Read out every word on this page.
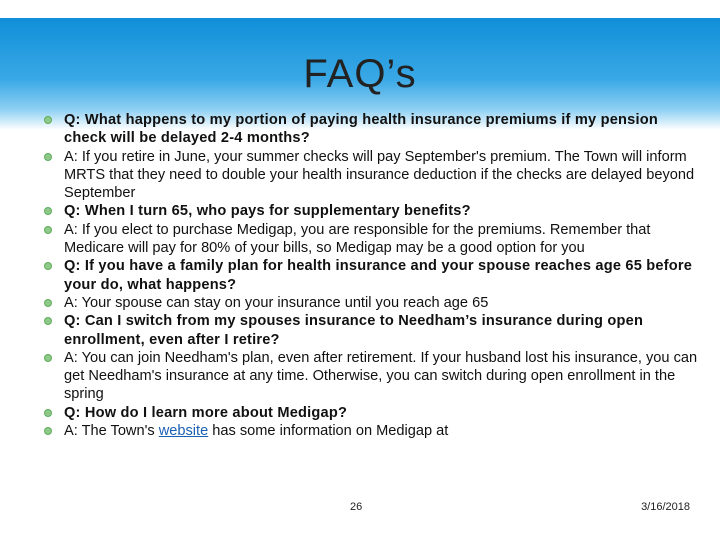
FAQ’s
Q: What happens to my portion of paying health insurance premiums if my pension check will be delayed 2-4 months?
A: If you retire in June, your summer checks will pay September's premium. The Town will inform MRTS that they need to double your health insurance deduction if the checks are delayed beyond September
Q: When I turn 65, who pays for supplementary benefits?
A: If you elect to purchase Medigap, you are responsible for the premiums. Remember that Medicare will pay for 80% of your bills, so Medigap may be a good option for you
Q: If you have a family plan for health insurance and your spouse reaches age 65 before your do, what happens?
A: Your spouse can stay on your insurance until you reach age 65
Q: Can I switch from my spouses insurance to Needham’s insurance during open enrollment, even after I retire?
A: You can join Needham's plan, even after retirement. If your husband lost his insurance, you can get Needham's insurance at any time. Otherwise, you can switch during open enrollment in the spring
Q: How do I learn more about Medigap?
A: The Town's website has some information on Medigap at
26	3/16/2018
